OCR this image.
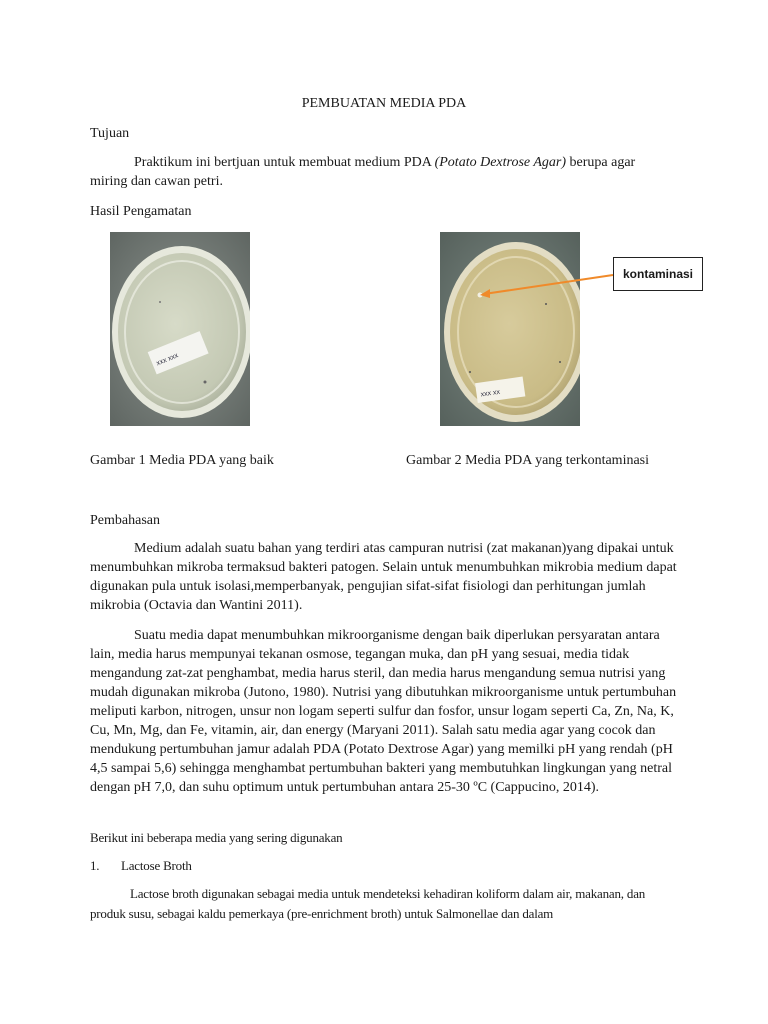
PEMBUATAN MEDIA PDA
Tujuan
Praktikum ini bertjuan untuk membuat medium PDA (Potato Dextrose Agar) berupa agar
miring dan cawan petri.
Hasil Pengamatan
xxx xxx
xxx xx
kontaminasi
Gambar 1 Media PDA yang baik	Gambar 2 Media PDA yang terkontaminasi
Pembahasan

Medium adalah suatu bahan yang terdiri atas campuran nutrisi (zat makanan)yang dipakai untuk menumbuhkan mikroba termaksud bakteri patogen. Selain untuk menumbuhkan mikrobia medium dapat digunakan pula untuk isolasi,memperbanyak, pengujian sifat-sifat fisiologi dan perhitungan jumlah mikrobia (Octavia dan Wantini 2011).

Suatu media dapat menumbuhkan mikroorganisme dengan baik diperlukan persyaratan antara lain, media harus mempunyai tekanan osmose, tegangan muka, dan pH yang sesuai, media tidak mengandung zat-zat penghambat, media harus steril, dan media harus mengandung semua nutrisi yang mudah digunakan mikroba (Jutono, 1980). Nutrisi yang dibutuhkan mikroorganisme untuk pertumbuhan meliputi karbon, nitrogen, unsur non logam seperti sulfur dan fosfor, unsur logam seperti Ca, Zn, Na, K, Cu, Mn, Mg, dan Fe, vitamin, air, dan energy (Maryani 2011). Salah satu media agar yang cocok dan mendukung pertumbuhan jamur adalah PDA (Potato Dextrose Agar) yang memilki pH yang rendah (pH 4,5 sampai 5,6) sehingga menghambat pertumbuhan bakteri yang membutuhkan lingkungan yang netral dengan pH 7,0, dan suhu optimum untuk pertumbuhan antara 25-30 ºC (Cappucino, 2014).

Berikut ini beberapa media yang sering digunakan
1. Lactose Broth

Lactose broth digunakan sebagai media untuk mendeteksi kehadiran koliform dalam air, makanan, dan produk susu, sebagai kaldu pemerkaya (pre-enrichment broth) untuk Salmonellae dan dalam
